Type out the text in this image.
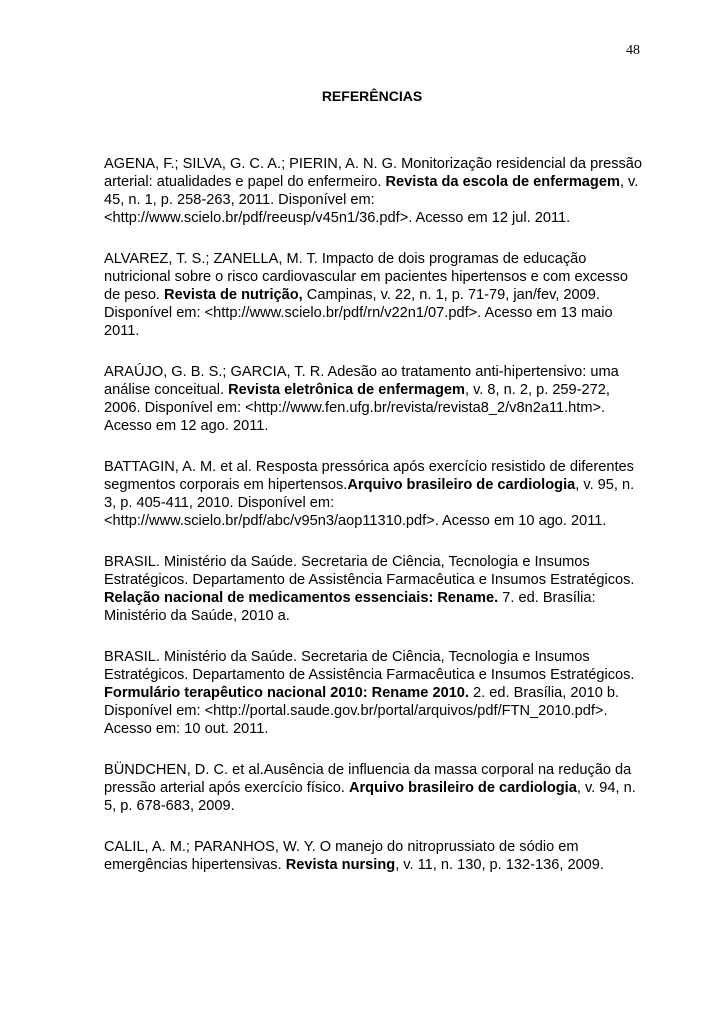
48
REFERÊNCIAS

AGENA, F.; SILVA, G. C. A.; PIERIN, A. N. G. Monitorização residencial da pressão arterial: atualidades e papel do enfermeiro. Revista da escola de enfermagem, v. 45, n. 1, p. 258-263, 2011. Disponível em: <http://www.scielo.br/pdf/reeusp/v45n1/36.pdf>. Acesso em 12 jul. 2011.

ALVAREZ, T. S.; ZANELLA, M. T. Impacto de dois programas de educação nutricional sobre o risco cardiovascular em pacientes hipertensos e com excesso de peso. Revista de nutrição, Campinas, v. 22, n. 1, p. 71-79, jan/fev, 2009. Disponível em: <http://www.scielo.br/pdf/rn/v22n1/07.pdf>. Acesso em 13 maio 2011.

ARAÚJO, G. B. S.; GARCIA, T. R. Adesão ao tratamento anti-hipertensivo: uma análise conceitual. Revista eletrônica de enfermagem, v. 8, n. 2, p. 259-272, 2006. Disponível em: <http://www.fen.ufg.br/revista/revista8_2/v8n2a11.htm>. Acesso em 12 ago. 2011.

BATTAGIN, A. M. et al. Resposta pressórica após exercício resistido de diferentes segmentos corporais em hipertensos.Arquivo brasileiro de cardiologia, v. 95, n. 3, p. 405-411, 2010. Disponível em: <http://www.scielo.br/pdf/abc/v95n3/aop11310.pdf>. Acesso em 10 ago. 2011.

BRASIL. Ministério da Saúde. Secretaria de Ciência, Tecnologia e Insumos Estratégicos. Departamento de Assistência Farmacêutica e Insumos Estratégicos. Relação nacional de medicamentos essenciais: Rename. 7. ed. Brasília: Ministério da Saúde, 2010 a.

BRASIL. Ministério da Saúde. Secretaria de Ciência, Tecnologia e Insumos Estratégicos. Departamento de Assistência Farmacêutica e Insumos Estratégicos. Formulário terapêutico nacional 2010: Rename 2010. 2. ed. Brasília, 2010 b. Disponível em: <http://portal.saude.gov.br/portal/arquivos/pdf/FTN_2010.pdf>. Acesso em: 10 out. 2011.

BÜNDCHEN, D. C. et al.Ausência de influencia da massa corporal na redução da pressão arterial após exercício físico. Arquivo brasileiro de cardiologia, v. 94, n. 5, p. 678-683, 2009.

CALIL, A. M.; PARANHOS, W. Y. O manejo do nitroprussiato de sódio em emergências hipertensivas. Revista nursing, v. 11, n. 130, p. 132-136, 2009.
